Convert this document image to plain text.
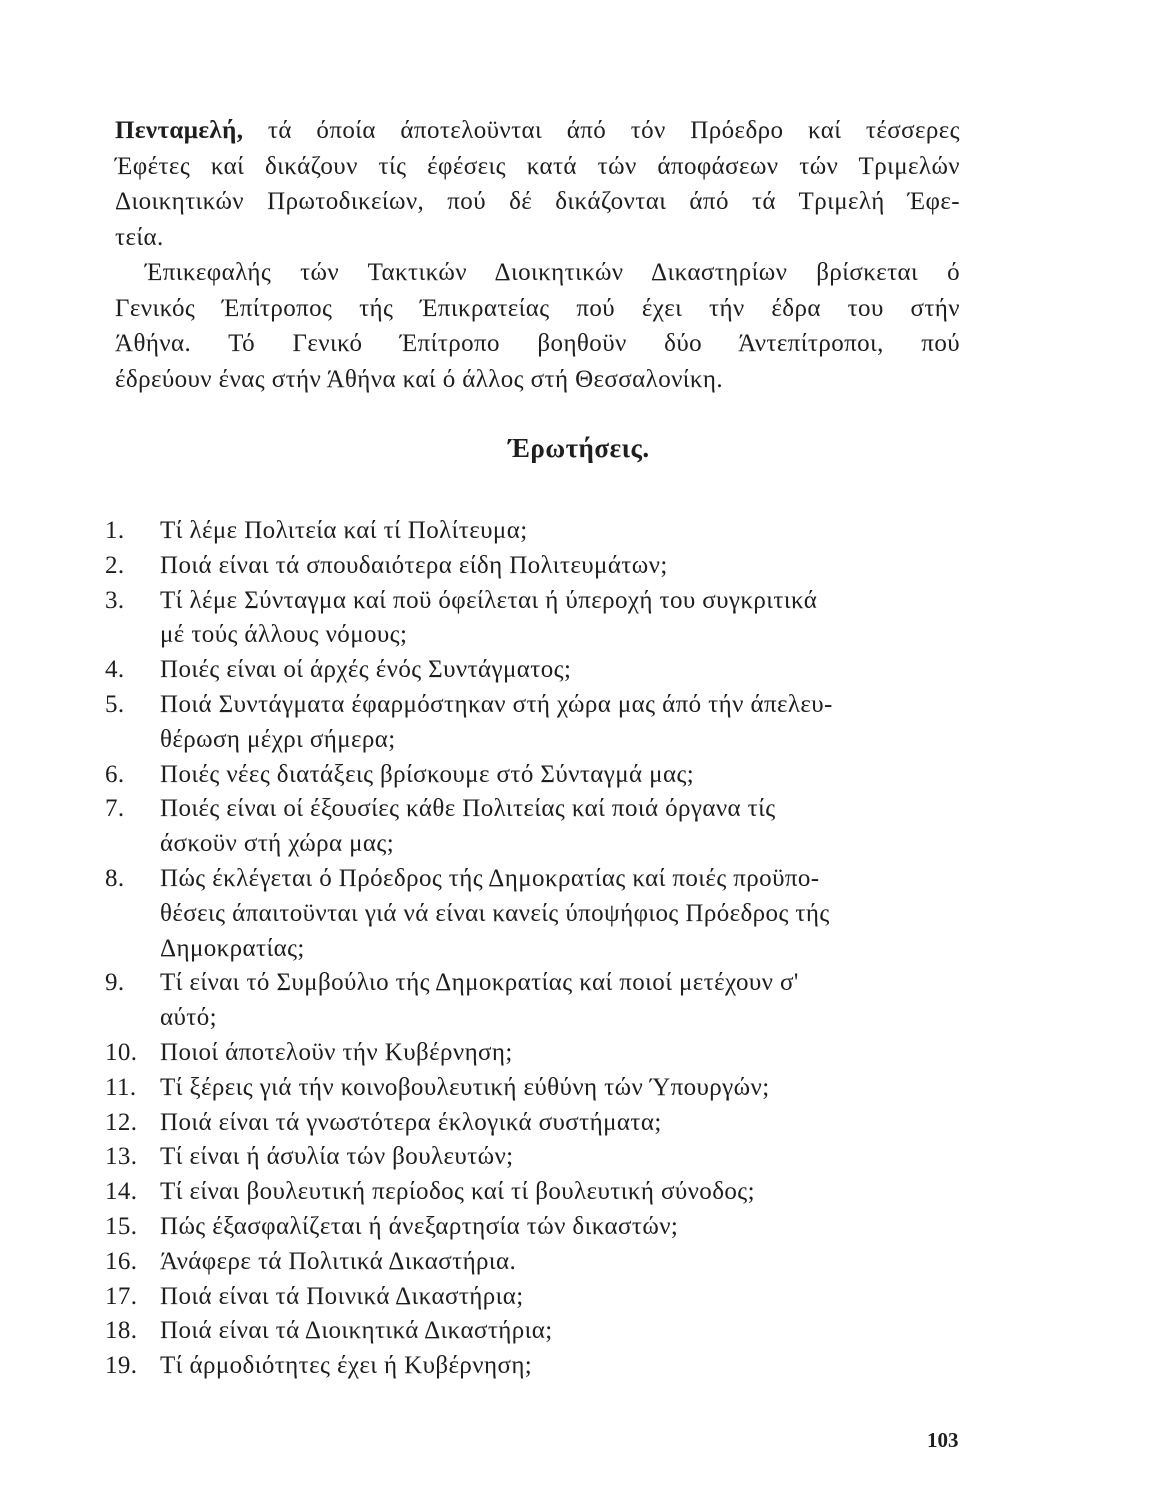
Πενταμελή, τά όποία άποτελοϋνται άπό τόν Πρόεδρο καί τέσσερες
Έφέτες καί δικάζουν τίς έφέσεις κατά τών άποφάσεων τών Τριμελών
Διοικητικών Πρωτοδικείων, πού δέ δικάζονται άπό τά Τριμελή Έφε-
τεία.
Έπικεφαλής τών Τακτικών Διοικητικών Δικαστηρίων βρίσκεται ό
Γενικός Έπίτροπος τής Έπικρατείας πού έχει τήν έδρα του στήν
Άθήνα. Τό Γενικό Έπίτροπο βοηθοϋν δύο Άντεπίτροποι, πού
έδρεύουν ένας στήν Άθήνα καί ό άλλος στή Θεσσαλονίκη.
Έρωτήσεις.
1.	Τί λέμε Πολιτεία καί τί Πολίτευμα;
2.	Ποιά είναι τά σπουδαιότερα είδη Πολιτευμάτων;
3.	Τί λέμε Σύνταγμα καί ποϋ όφείλεται ή ύπεροχή του συγκριτικά
μέ τούς άλλους νόμους;
4.	Ποιές είναι οί άρχές ένός Συντάγματος;
5.	Ποιά Συντάγματα έφαρμόστηκαν στή χώρα μας άπό τήν άπελευ-
θέρωση μέχρι σήμερα;
6.	Ποιές νέες διατάξεις βρίσκουμε στό Σύνταγμά μας;
7.	Ποιές είναι οί έξουσίες κάθε Πολιτείας καί ποιά όργανα τίς
άσκοϋν στή χώρα μας;
8.	Πώς έκλέγεται ό Πρόεδρος τής Δημοκρατίας καί ποιές προϋπο-
θέσεις άπαιτοϋνται γιά νά είναι κανείς ύποψήφιος Πρόεδρος τής
Δημοκρατίας;
9.	Τί είναι τό Συμβούλιο τής Δημοκρατίας καί ποιοί μετέχουν σ'
αύτό;
10. Ποιοί άποτελοϋν τήν Κυβέρνηση;
11. Τί ξέρεις γιά τήν κοινοβουλευτική εύθύνη τών Ύπουργών;
12. Ποιά είναι τά γνωστότερα έκλογικά συστήματα;
13. Τί είναι ή άσυλία τών βουλευτών;
14. Τί είναι βουλευτική περίοδος καί τί βουλευτική σύνοδος;
15. Πώς έξασφαλίζεται ή άνεξαρτησία τών δικαστών;
16. Άνάφερε τά Πολιτικά Δικαστήρια.
17. Ποιά είναι τά Ποινικά Δικαστήρια;
18. Ποιά είναι τά Διοικητικά Δικαστήρια;
19. Τί άρμοδιότητες έχει ή Κυβέρνηση;
103
